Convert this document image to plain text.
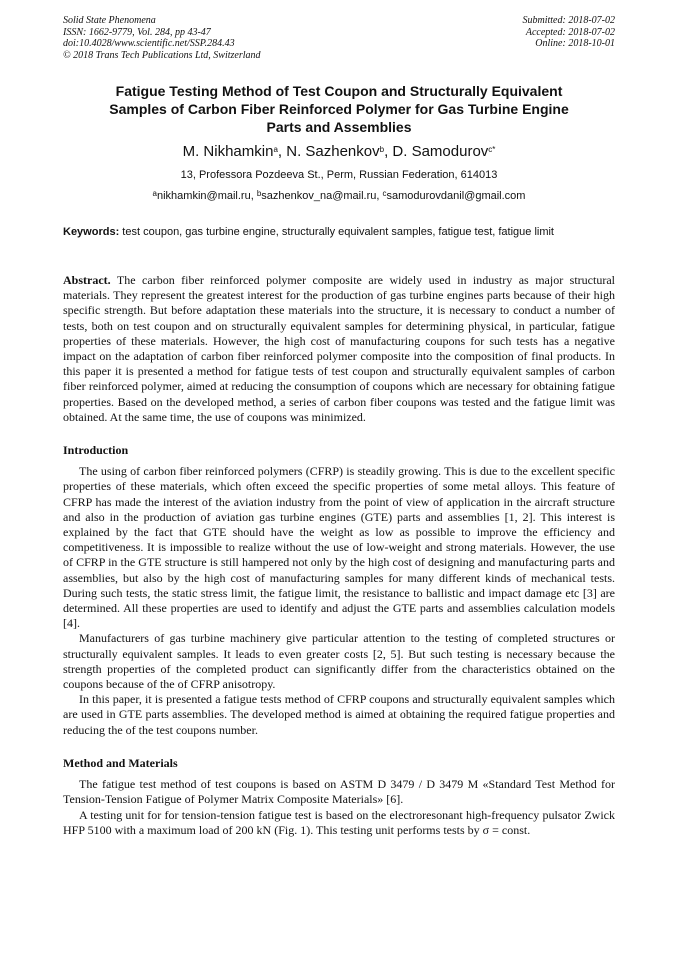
Solid State Phenomena
ISSN: 1662-9779, Vol. 284, pp 43-47
doi:10.4028/www.scientific.net/SSP.284.43
© 2018 Trans Tech Publications Ltd, Switzerland
Submitted: 2018-07-02
Accepted: 2018-07-02
Online: 2018-10-01
Fatigue Testing Method of Test Coupon and Structurally Equivalent
Samples of Carbon Fiber Reinforced Polymer for Gas Turbine Engine
Parts and Assemblies
M. Nikhamkin$^a$, N. Sazhenkov$^b$, D. Samodurov$^{c*}$
13, Professora Pozdeeva St., Perm, Russian Federation, 614013
$^a$nikhamkin@mail.ru, $^b$sazhenkov_na@mail.ru, $^c$samodurovdanil@gmail.com
Keywords: test coupon, gas turbine engine, structurally equivalent samples, fatigue test, fatigue limit

Abstract. The carbon fiber reinforced polymer composite are widely used in industry as major structural materials. They represent the greatest interest for the production of gas turbine engines parts because of their high specific strength. But before adaptation these materials into the structure, it is necessary to conduct a number of tests, both on test coupon and on structurally equivalent samples for determining physical, in particular, fatigue properties of these materials. However, the high cost of manufacturing coupons for such tests has a negative impact on the adaptation of carbon fiber reinforced polymer composite into the composition of final products. In this paper it is presented a method for fatigue tests of test coupon and structurally equivalent samples of carbon fiber reinforced polymer, aimed at reducing the consumption of coupons which are necessary for obtaining fatigue properties. Based on the developed method, a series of carbon fiber coupons was tested and the fatigue limit was obtained. At the same time, the use of coupons was minimized.

Introduction

The using of carbon fiber reinforced polymers (CFRP) is steadily growing. This is due to the excellent specific properties of these materials, which often exceed the specific properties of some metal alloys. This feature of CFRP has made the interest of the aviation industry from the point of view of application in the aircraft structure and also in the production of aviation gas turbine engines (GTE) parts and assemblies [1, 2]. This interest is explained by the fact that GTE should have the weight as low as possible to improve the efficiency and competitiveness. It is impossible to realize without the use of low-weight and strong materials. However, the use of CFRP in the GTE structure is still hampered not only by the high cost of designing and manufacturing parts and assemblies, but also by the high cost of manufacturing samples for many different kinds of mechanical tests. During such tests, the static stress limit, the fatigue limit, the resistance to ballistic and impact damage etc [3] are determined. All these properties are used to identify and adjust the GTE parts and assemblies calculation models [4].

Manufacturers of gas turbine machinery give particular attention to the testing of completed structures or structurally equivalent samples. It leads to even greater costs [2, 5]. But such testing is necessary because the strength properties of the completed product can significantly differ from the characteristics obtained on the coupons because of the of CFRP anisotropy.

In this paper, it is presented a fatigue tests method of CFRP coupons and structurally equivalent samples which are used in GTE parts assemblies. The developed method is aimed at obtaining the required fatigue properties and reducing the of the test coupons number.

Method and Materials

The fatigue test method of test coupons is based on ASTM D 3479 / D 3479 M «Standard Test Method for Tension-Tension Fatigue of Polymer Matrix Composite Materials» [6].

A testing unit for for tension-tension fatigue test is based on the electroresonant high-frequency pulsator Zwick HFP 5100 with a maximum load of 200 kN (Fig. 1). This testing unit performs tests by σ = const.
